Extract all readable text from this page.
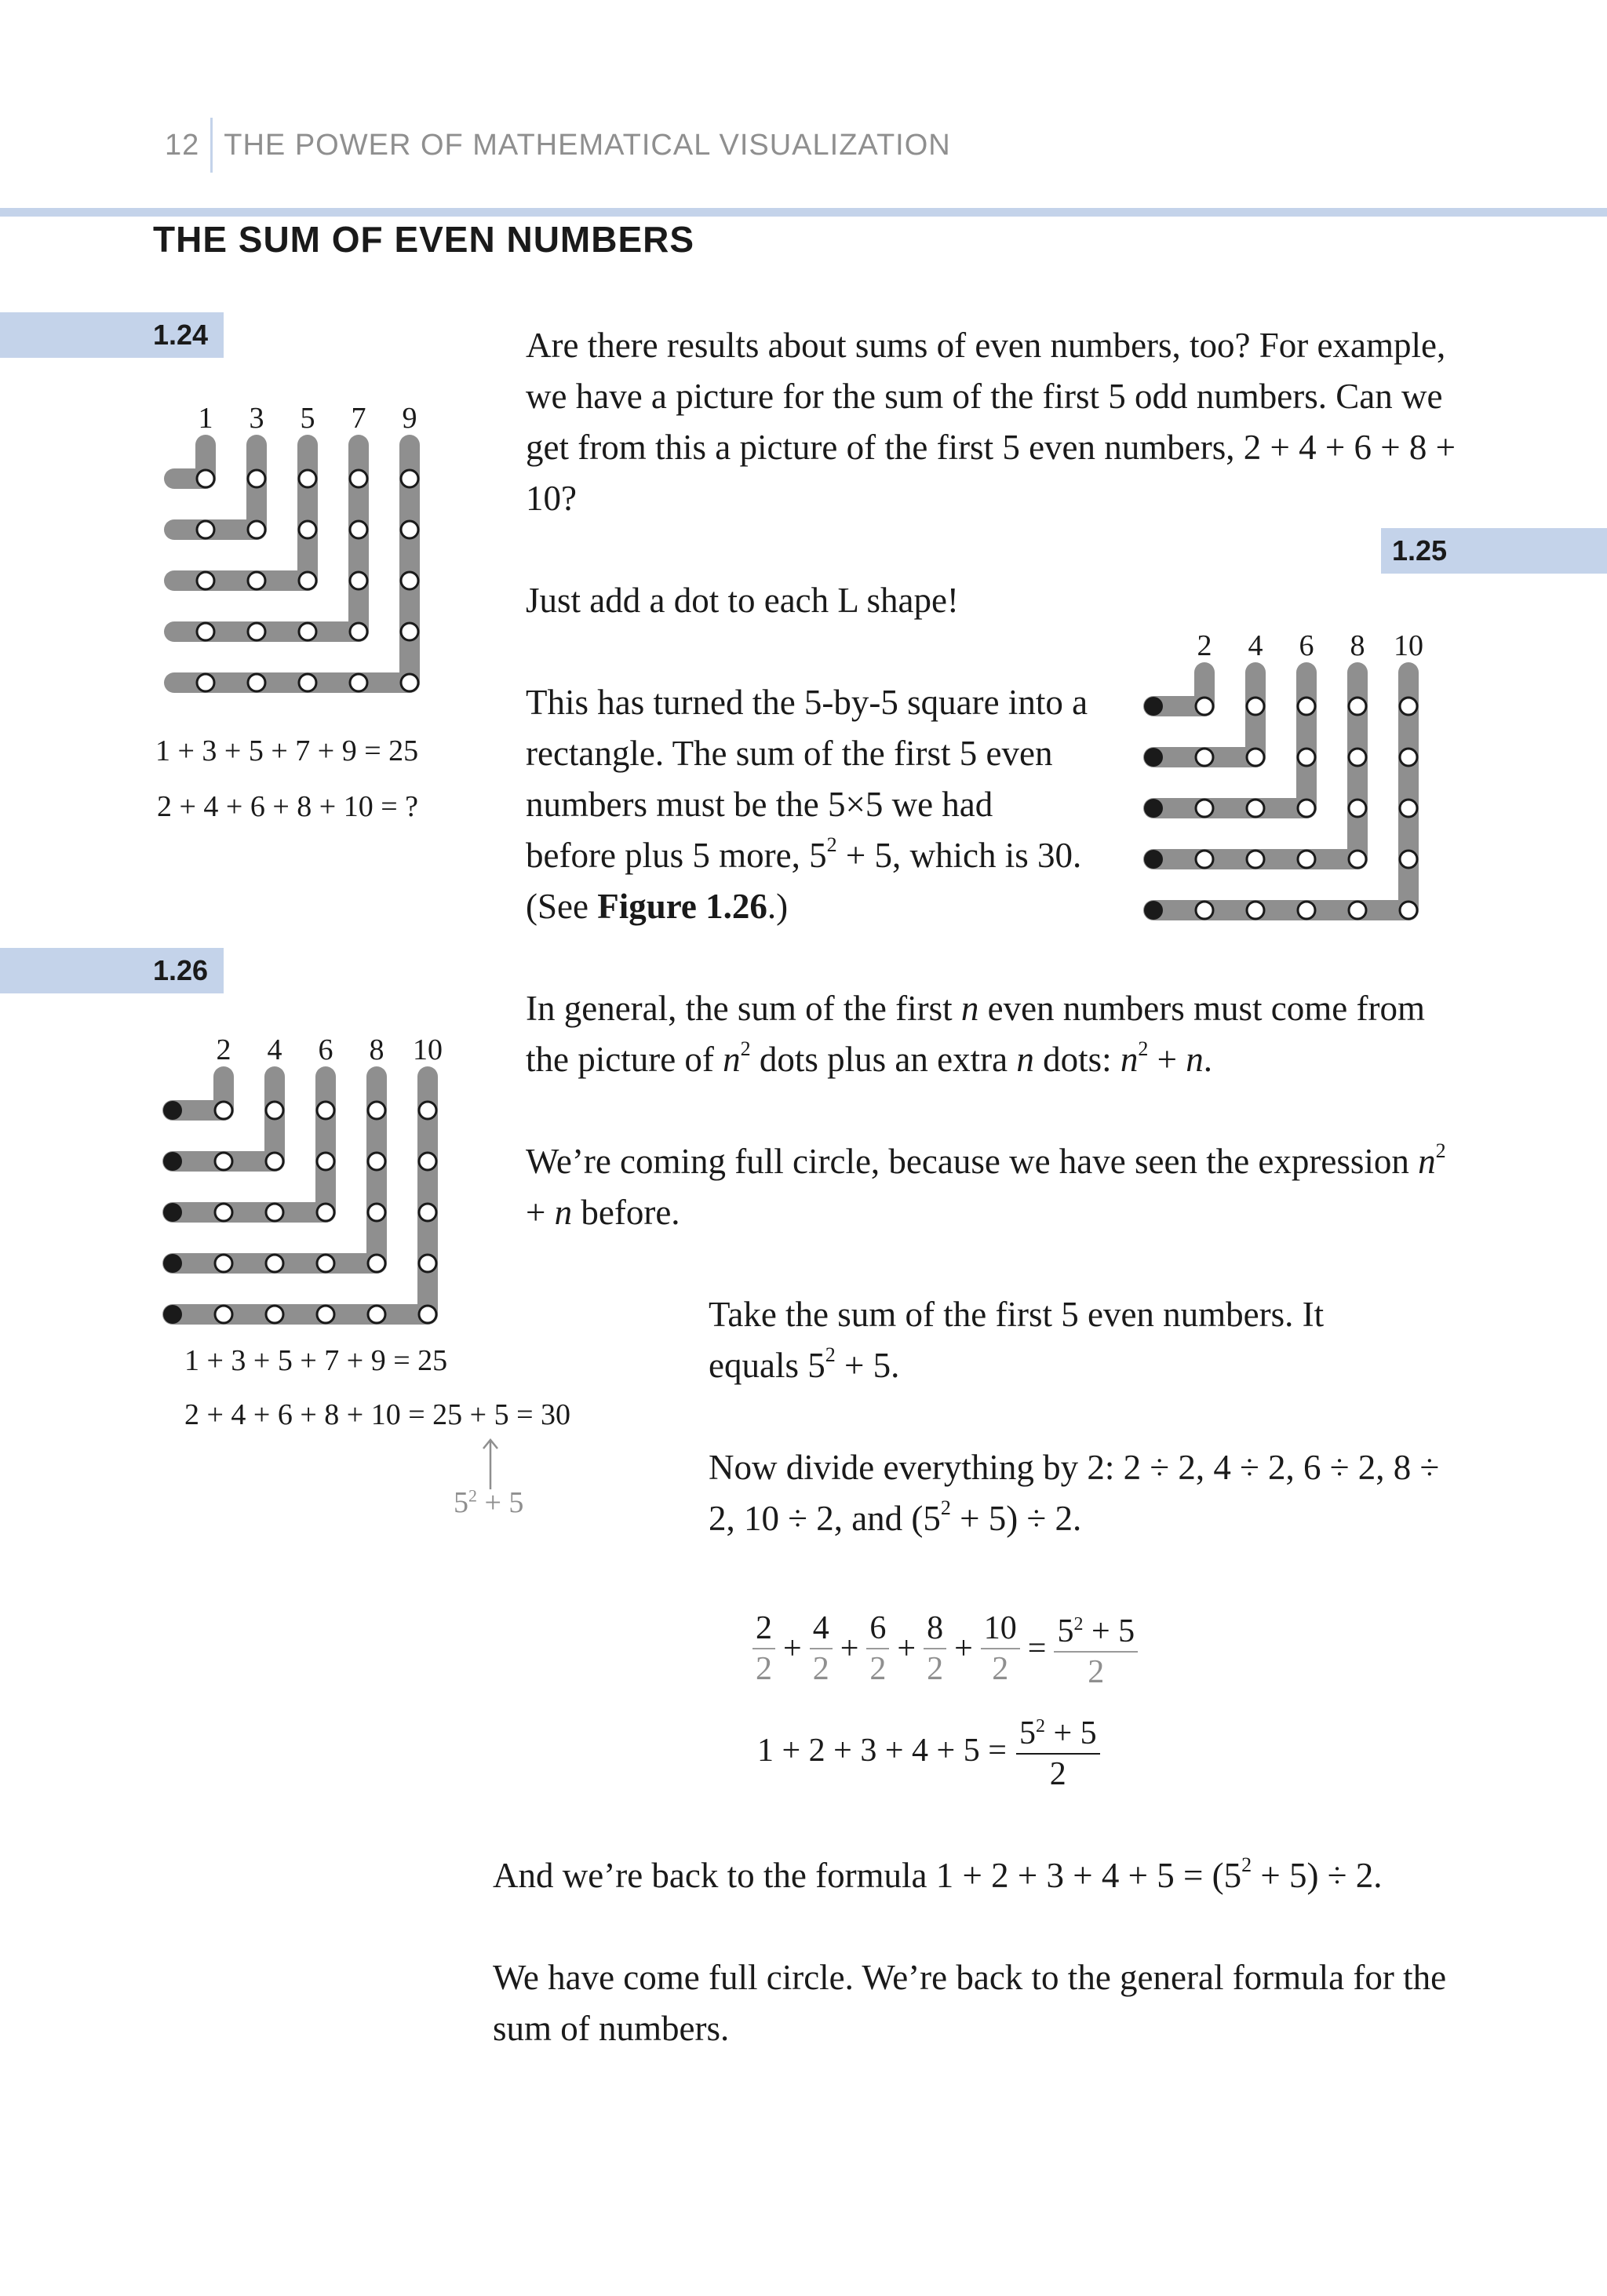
12 THE POWER OF MATHEMATICAL VISUALIZATION
THE SUM OF EVEN NUMBERS
1.24
1.25
1.26
1 3 5 7 9
1 + 3 + 5 + 7 + 9 = 25
2 + 4 + 6 + 8 + 10 = ?
2 4 6 8 10
2 4 6 8 10
1 + 3 + 5 + 7 + 9 = 25
2 + 4 + 6 + 8 + 10 = 25 + 5 = 30
$5^2 + 5$

Are there results about sums of even numbers, too? For example, we have a picture for the sum of the first 5 odd numbers. Can we get from this a picture of the first 5 even numbers, 2 + 4 + 6 + 8 + 10?

Just add a dot to each L shape!

This has turned the 5-by-5 square into a rectangle. The sum of the first 5 even numbers must be the 5×5 we had before plus 5 more, $5^2 + 5$, which is 30. (See Figure 1.26.)

In general, the sum of the first n even numbers must come from the picture of $n^2$ dots plus an extra n dots: $n^2 + n$.

We’re coming full circle, because we have seen the expression $n^2 + n$ before.

Take the sum of the first 5 even numbers. It equals $5^2 + 5$.

Now divide everything by 2: 2 ÷ 2, 4 ÷ 2, 6 ÷ 2, 8 ÷ 2, 10 ÷ 2, and $(5^2 + 5) \div 2$.

$\frac{2}{2} + \frac{4}{2} + \frac{6}{2} + \frac{8}{2} + \frac{10}{2} = \frac{5^2 + 5}{2}$
$1 + 2 + 3 + 4 + 5 = \frac{5^2 + 5}{2}$

And we’re back to the formula $1 + 2 + 3 + 4 + 5 = (5^2 + 5) \div 2$.

We have come full circle. We’re back to the general formula for the sum of numbers.
